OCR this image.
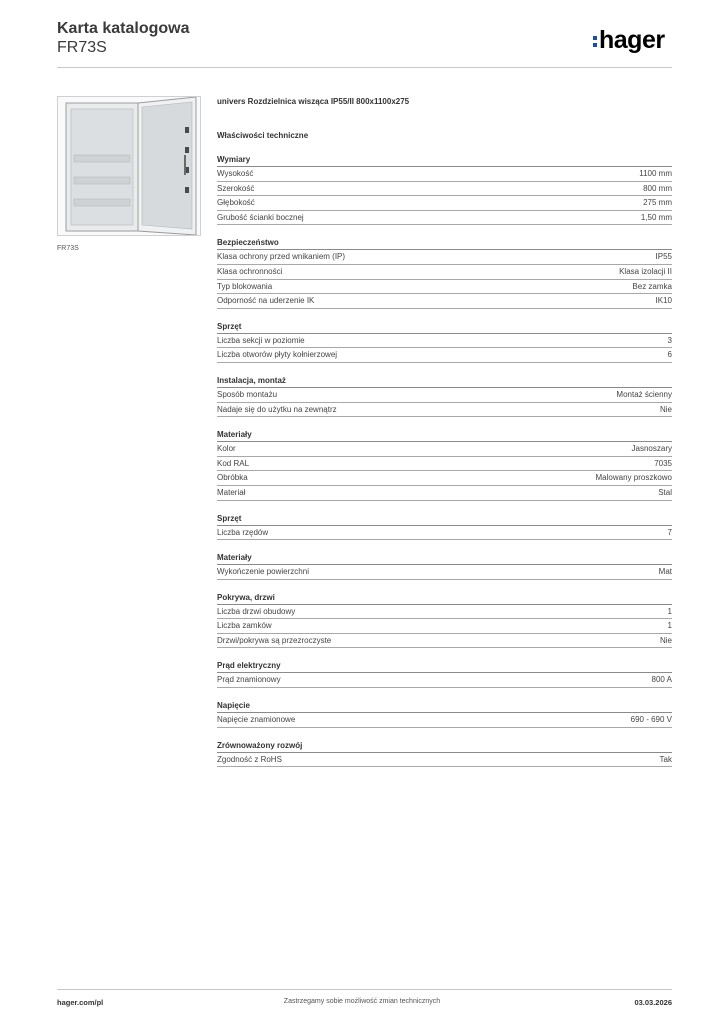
Karta katalogowa
FR73S	hager
FR73S
univers Rozdzielnica wisząca IP55/II 800x1100x275
Właściwości techniczne
Wymiary
Wysokość	1100 mm
Szerokość	800 mm
Głębokość	275 mm
Grubość ścianki bocznej	1,50 mm
Bezpieczeństwo
Klasa ochrony przed wnikaniem (IP)	IP55
Klasa ochronności	Klasa izolacji II
Typ blokowania	Bez zamka
Odporność na uderzenie IK	IK10
Sprzęt
Liczba sekcji w poziomie	3
Liczba otworów płyty kołnierzowej	6
Instalacja, montaż
Sposób montażu	Montaż ścienny
Nadaje się do użytku na zewnątrz	Nie
Materiały
Kolor	Jasnoszary
Kod RAL	7035
Obróbka	Malowany proszkowo
Materiał	Stal
Sprzęt
Liczba rzędów	7
Materiały
Wykończenie powierzchni	Mat
Pokrywa, drzwi
Liczba drzwi obudowy	1
Liczba zamków	1
Drzwi/pokrywa są przezroczyste	Nie
Prąd elektryczny
Prąd znamionowy	800 A
Napięcie
Napięcie znamionowe	690 - 690 V
Zrównoważony rozwój
Zgodność z RoHS	Tak
hager.com/pl	Zastrzegamy sobie możliwość zmian technicznych	03.03.2026
